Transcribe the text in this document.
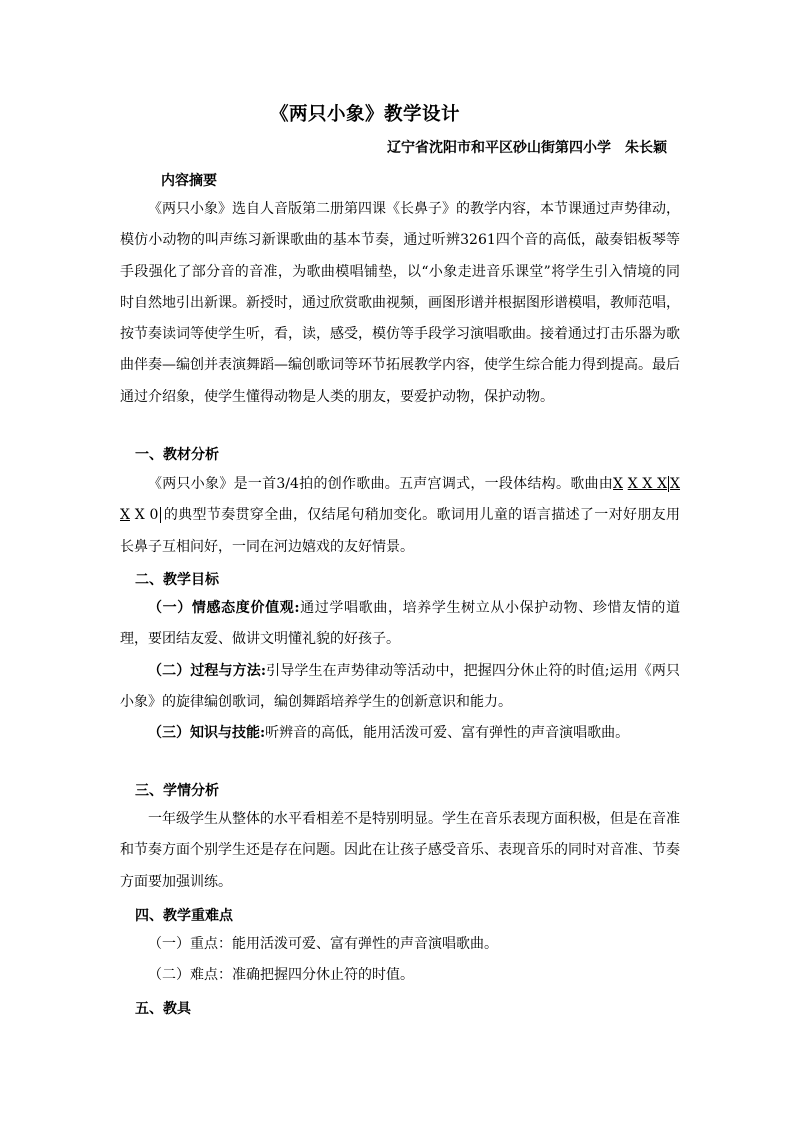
《两只小象》教学设计
辽宁省沈阳市和平区砂山街第四小学　朱长颖
内容摘要

《两只小象》选自人音版第二册第四课《长鼻子》的教学内容，本节课通过声势律动，模仿小动物的叫声练习新课歌曲的基本节奏，通过听辨3261四个音的高低，敲奏铝板琴等手段强化了部分音的音准，为歌曲模唱铺垫，以“小象走进音乐课堂”将学生引入情境的同时自然地引出新课。新授时，通过欣赏歌曲视频，画图形谱并根据图形谱模唱，教师范唱，按节奏读词等使学生听，看，读，感受，模仿等手段学习演唱歌曲。接着通过打击乐器为歌曲伴奏—编创并表演舞蹈—编创歌词等环节拓展教学内容，使学生综合能力得到提高。最后通过介绍象，使学生懂得动物是人类的朋友，要爱护动物，保护动物。

一、教材分析

《两只小象》是一首3/4拍的创作歌曲。五声宫调式，一段体结构。歌曲由X X X X X X X 0 的典型节奏贯穿全曲，仅结尾句稍加变化。歌词用儿童的语言描述了一对好朋友用长鼻子互相问好，一同在河边嬉戏的友好情景。

二、教学目标

（一）情感态度价值观:通过学唱歌曲，培养学生树立从小保护动物、珍惜友情的道理，要团结友爱、做讲文明懂礼貌的好孩子。

（二）过程与方法:引导学生在声势律动等活动中，把握四分休止符的时值;运用《两只小象》的旋律编创歌词，编创舞蹈培养学生的创新意识和能力。

（三）知识与技能:听辨音的高低，能用活泼可爱、富有弹性的声音演唱歌曲。

三、学情分析

一年级学生从整体的水平看相差不是特别明显。学生在音乐表现方面积极，但是在音准和节奏方面个别学生还是存在问题。因此在让孩子感受音乐、表现音乐的同时对音准、节奏方面要加强训练。

四、教学重难点

（一）重点：能用活泼可爱、富有弹性的声音演唱歌曲。

（二）难点：准确把握四分休止符的时值。

五、教具
